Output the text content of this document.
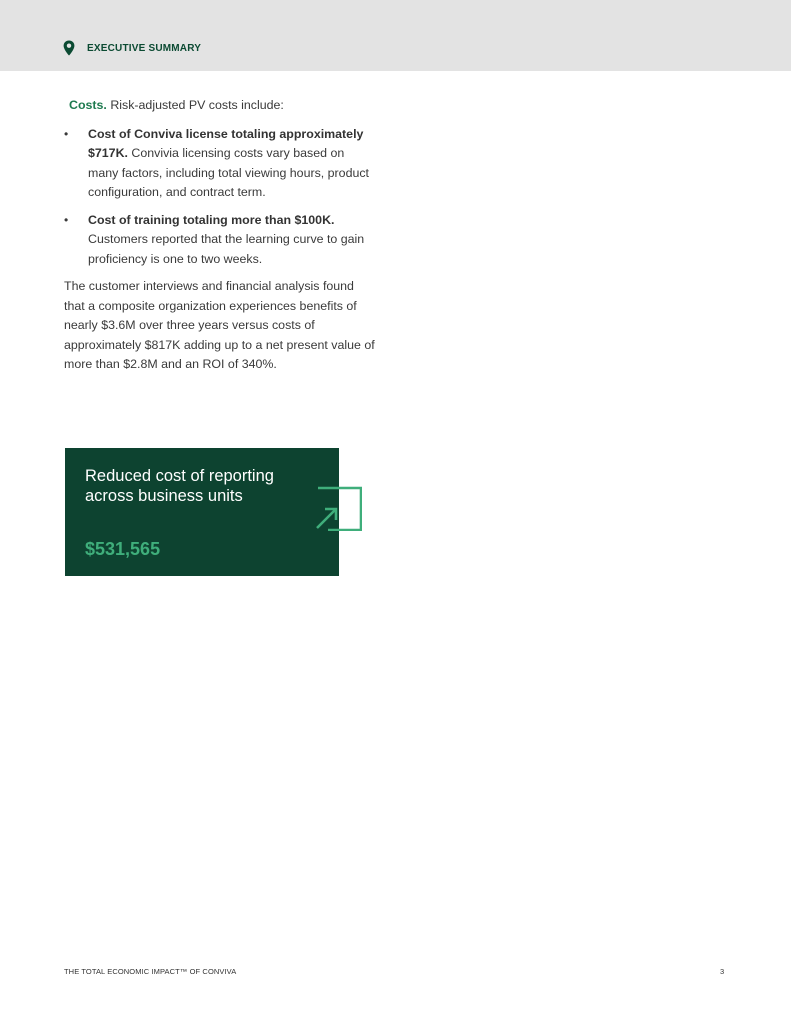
EXECUTIVE SUMMARY

Costs. Risk-adjusted PV costs include:

• Cost of Conviva license totaling approximately $717K. Convivia licensing costs vary based on many factors, including total viewing hours, product configuration, and contract term.
• Cost of training totaling more than $100K. Customers reported that the learning curve to gain proficiency is one to two weeks.

The customer interviews and financial analysis found that a composite organization experiences benefits of nearly $3.6M over three years versus costs of approximately $817K adding up to a net present value of more than $2.8M and an ROI of 340%.

Reduced cost of reporting across business units
$531,565
THE TOTAL ECONOMIC IMPACT™ OF CONVIVA	3
